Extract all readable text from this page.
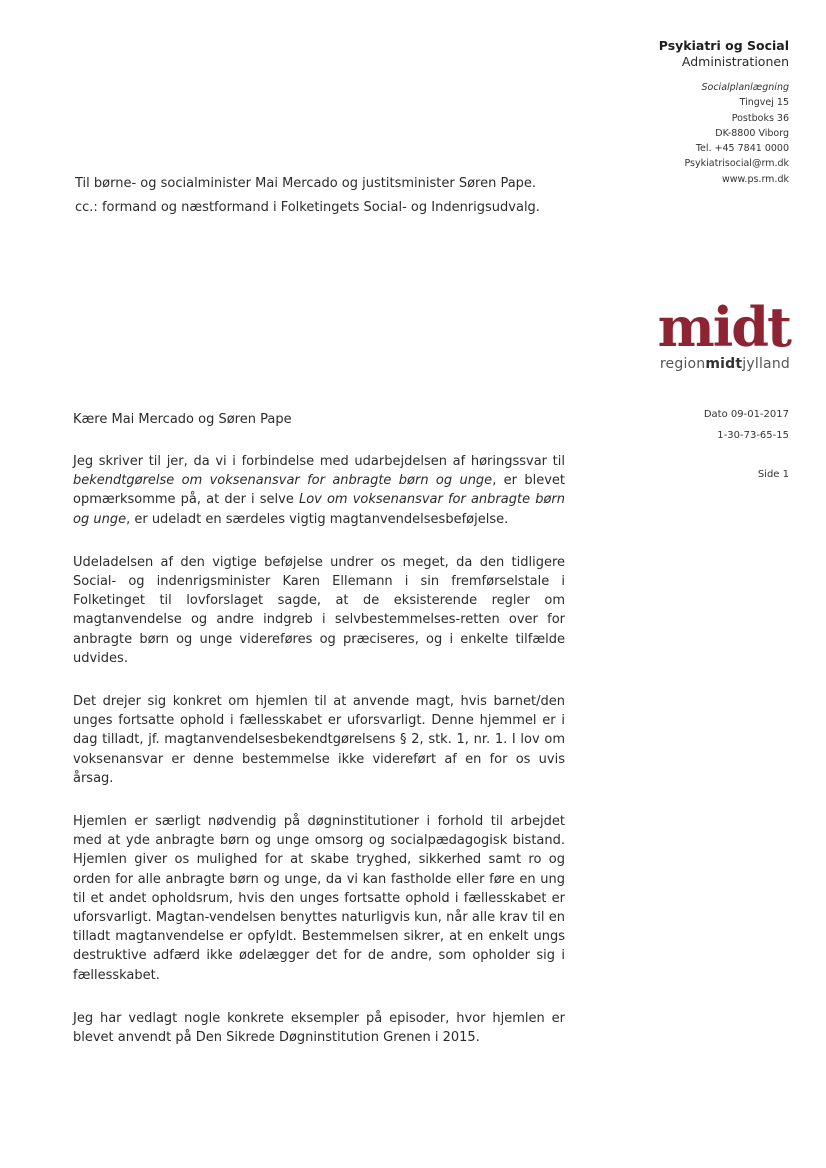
Psykiatri og Social
Administrationen
Socialplanlægning
Tingvej 15
Postboks 36
DK-8800 Viborg
Tel. +45 7841 0000
Psykiatrisocial@rm.dk
www.ps.rm.dk

Til børne- og socialminister Mai Mercado og justitsminister Søren Pape.

cc.: formand og næstformand i Folketingets Social- og Indenrigsudvalg.

midt
regionmidtjylland
Dato 09-01-2017
1-30-73-65-15
Side 1

Kære Mai Mercado og Søren Pape

Jeg skriver til jer, da vi i forbindelse med udarbejdelsen af høringssvar til bekendtgørelse om voksenansvar for anbragte børn og unge, er blevet opmærksomme på, at der i selve Lov om voksenansvar for anbragte børn og unge, er udeladt en særdeles vigtig magtanvendelsesbeføjelse.

Udeladelsen af den vigtige beføjelse undrer os meget, da den tidligere Social- og indenrigsminister Karen Ellemann i sin fremførselstale i Folketinget til lovforslaget sagde, at de eksisterende regler om magtanvendelse og andre indgreb i selvbestemmelses-retten over for anbragte børn og unge videreføres og præciseres, og i enkelte tilfælde udvides.

Det drejer sig konkret om hjemlen til at anvende magt, hvis barnet/den unges fortsatte ophold i fællesskabet er uforsvarligt. Denne hjemmel er i dag tilladt, jf. magtanvendelsesbekendtgørelsens § 2, stk. 1, nr. 1. I lov om voksenansvar er denne bestemmelse ikke videreført af en for os uvis årsag.

Hjemlen er særligt nødvendig på døgninstitutioner i forhold til arbejdet med at yde anbragte børn og unge omsorg og socialpædagogisk bistand. Hjemlen giver os mulighed for at skabe tryghed, sikkerhed samt ro og orden for alle anbragte børn og unge, da vi kan fastholde eller føre en ung til et andet opholdsrum, hvis den unges fortsatte ophold i fællesskabet er uforsvarligt. Magtan-vendelsen benyttes naturligvis kun, når alle krav til en tilladt magtanvendelse er opfyldt. Bestemmelsen sikrer, at en enkelt ungs destruktive adfærd ikke ødelægger det for de andre, som opholder sig i fællesskabet.

Jeg har vedlagt nogle konkrete eksempler på episoder, hvor hjemlen er blevet anvendt på Den Sikrede Døgninstitution Grenen i 2015.
